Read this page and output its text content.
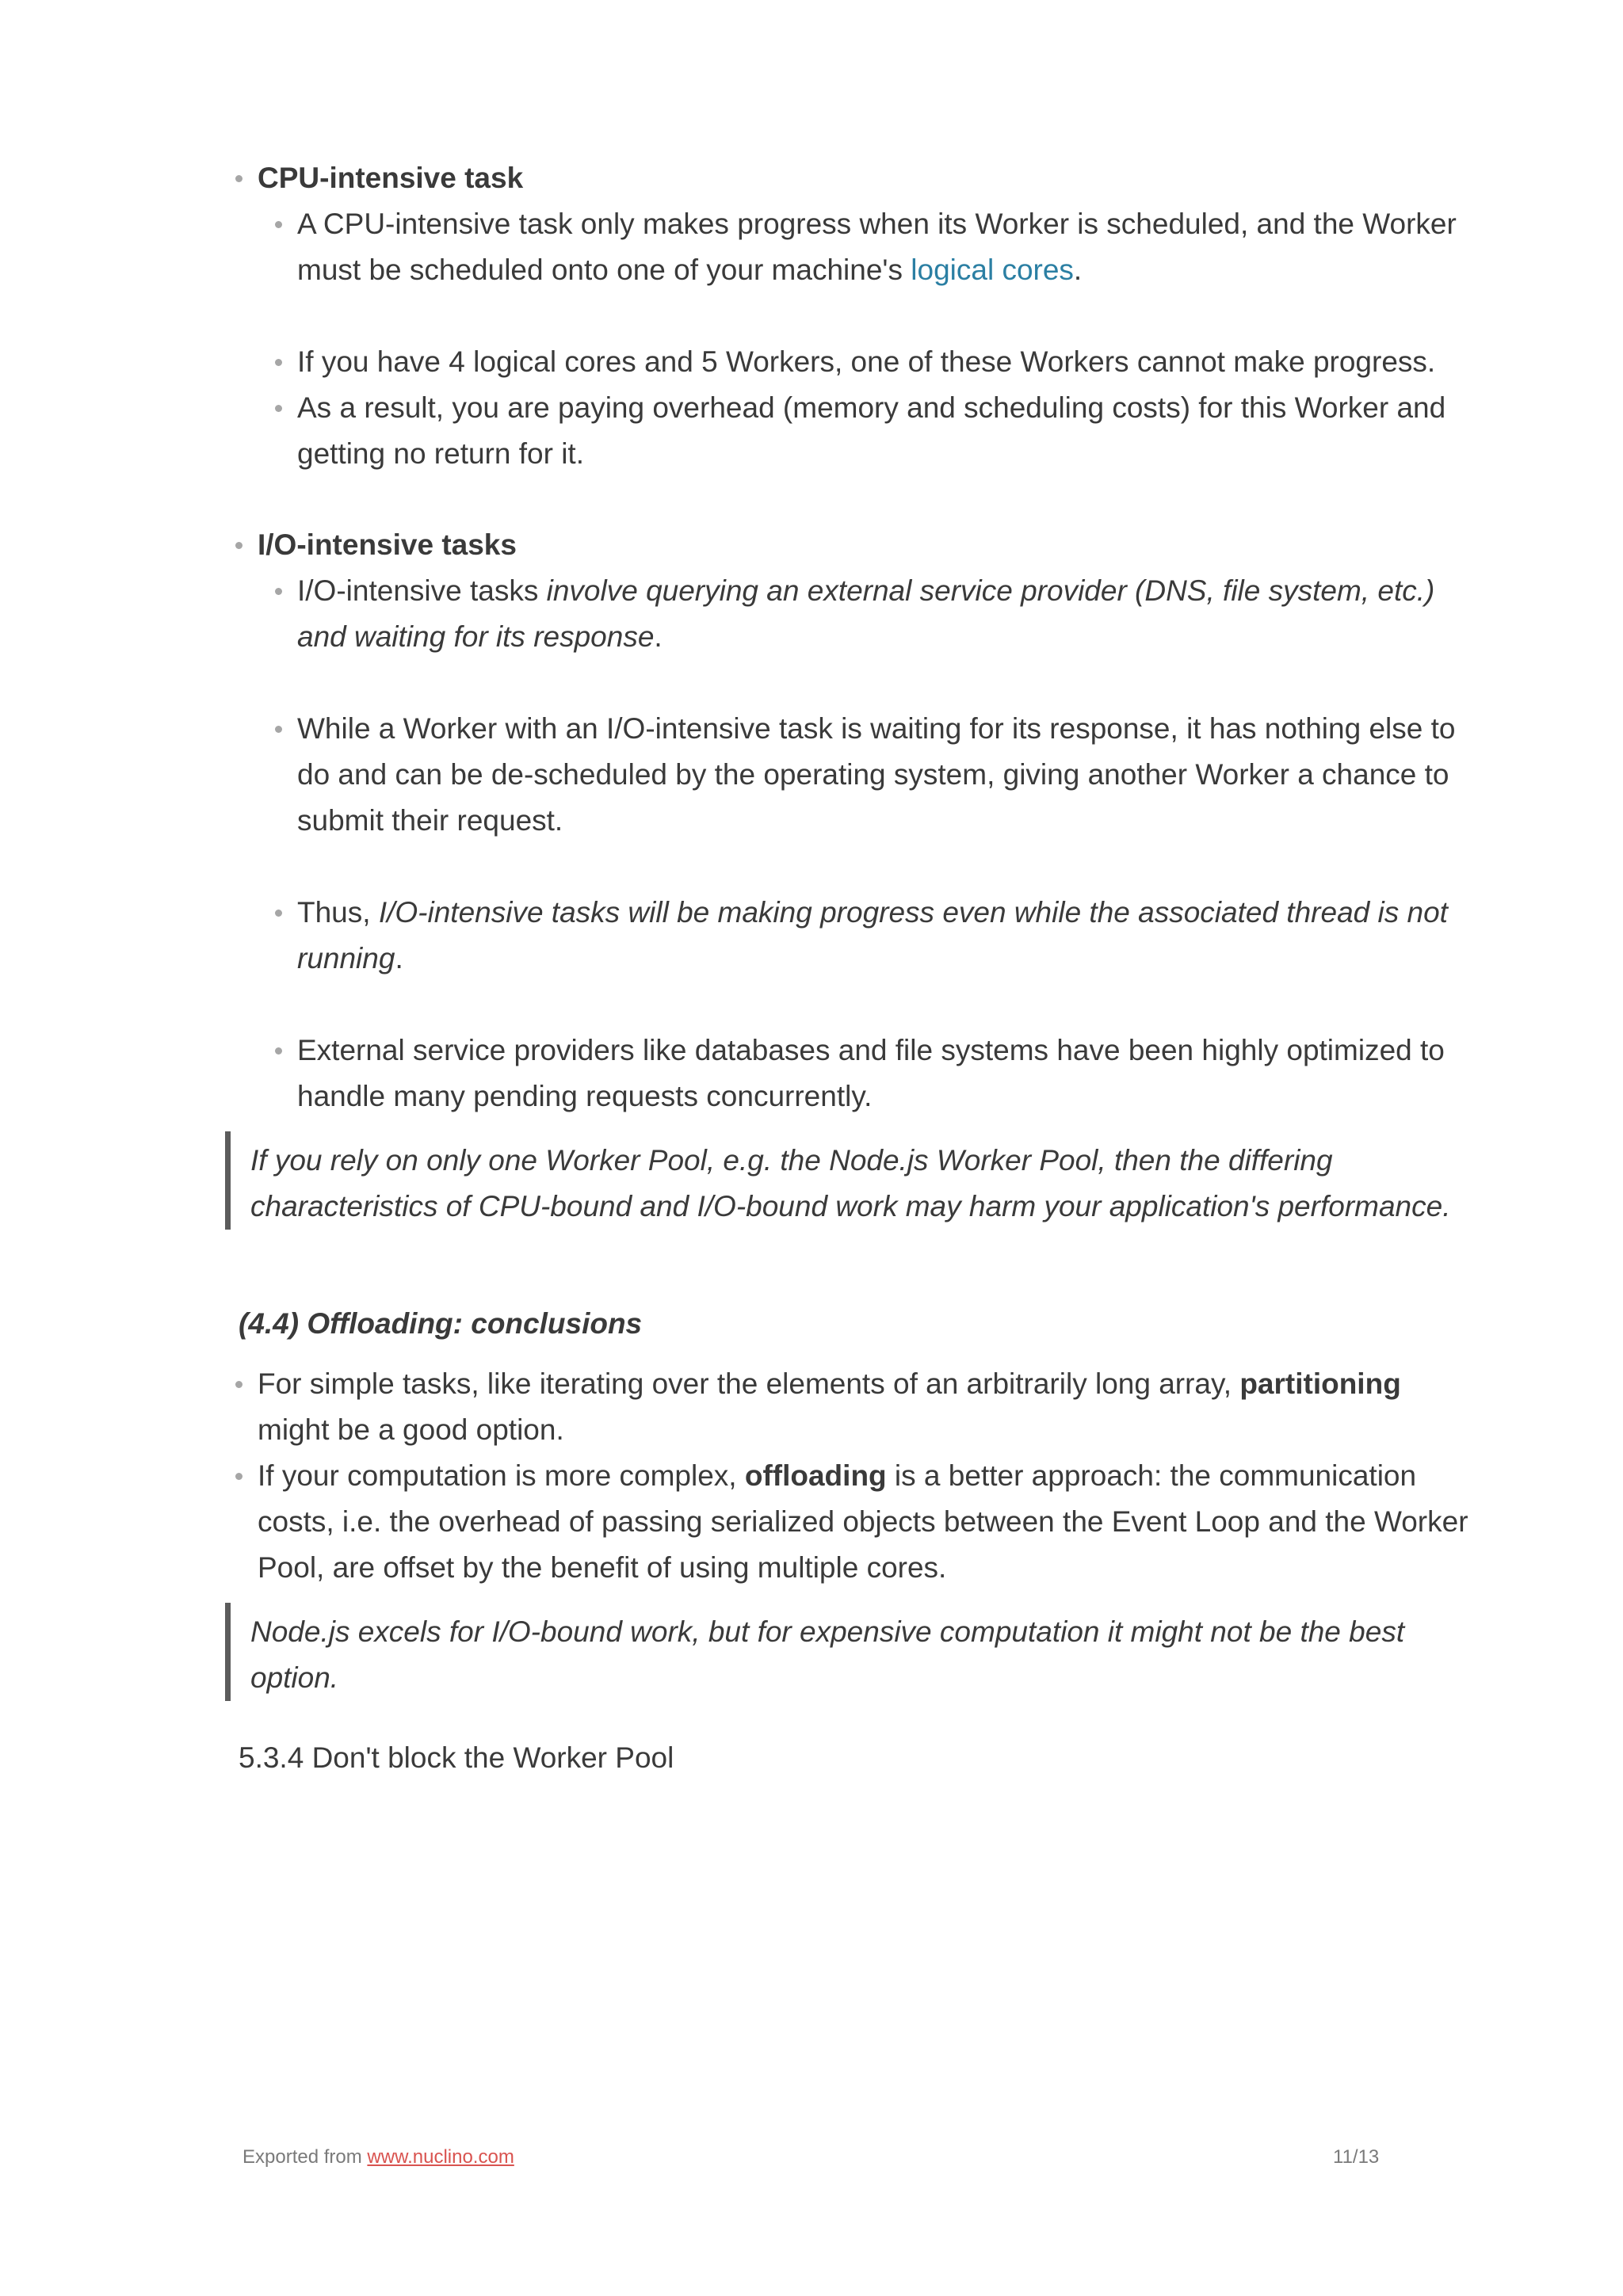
CPU-intensive task
A CPU-intensive task only makes progress when its Worker is scheduled, and the Worker
must be scheduled onto one of your machine's logical cores.
If you have 4 logical cores and 5 Workers, one of these Workers cannot make progress.
As a result, you are paying overhead (memory and scheduling costs) for this Worker and
getting no return for it.
I/O-intensive tasks
I/O-intensive tasks involve querying an external service provider (DNS, file system, etc.)
and waiting for its response.
While a Worker with an I/O-intensive task is waiting for its response, it has nothing else to
do and can be de-scheduled by the operating system, giving another Worker a chance to
submit their request.
Thus, I/O-intensive tasks will be making progress even while the associated thread is not
running.
External service providers like databases and file systems have been highly optimized to
handle many pending requests concurrently.
If you rely on only one Worker Pool, e.g. the Node.js Worker Pool, then the differing
characteristics of CPU-bound and I/O-bound work may harm your application's performance.
(4.4) Offloading: conclusions
For simple tasks, like iterating over the elements of an arbitrarily long array, partitioning
might be a good option.
If your computation is more complex, offloading is a better approach: the communication
costs, i.e. the overhead of passing serialized objects between the Event Loop and the Worker
Pool, are offset by the benefit of using multiple cores.
Node.js excels for I/O-bound work, but for expensive computation it might not be the best
option.
5.3.4 Don't block the Worker Pool
Exported from www.nuclino.com	11/13
